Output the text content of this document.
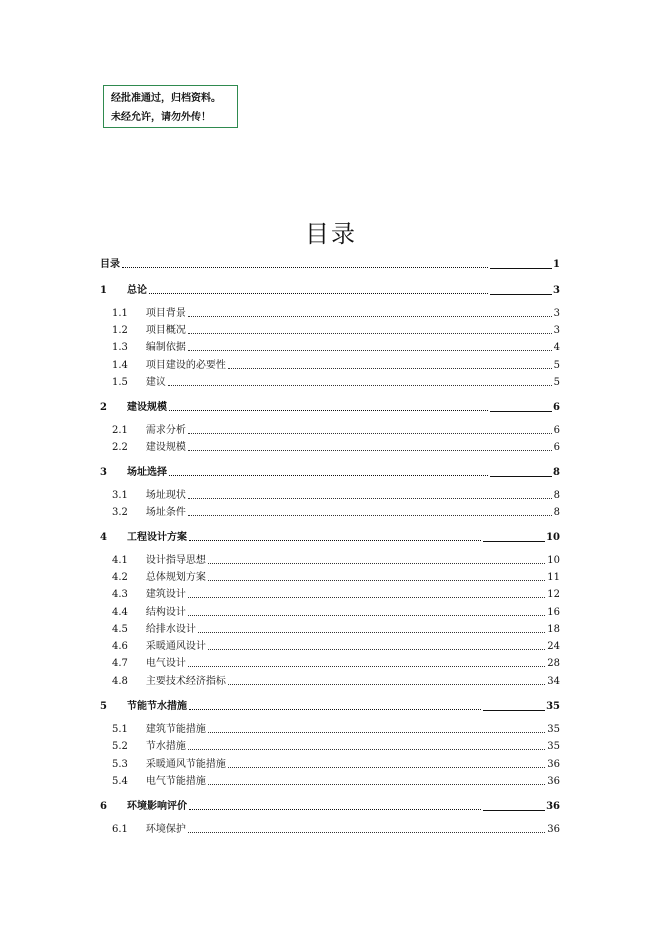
经批准通过，归档资料。
未经允许，请勿外传！
目录
目录	1
1 总论	3
1.1 项目背景	3
1.2 项目概况	3
1.3 编制依据	4
1.4 项目建设的必要性	5
1.5 建议	5
2 建设规模	6
2.1 需求分析	6
2.2 建设规模	6
3 场址选择	8
3.1 场址现状	8
3.2 场址条件	8
4 工程设计方案	10
4.1 设计指导思想	10
4.2 总体规划方案	11
4.3 建筑设计	12
4.4 结构设计	16
4.5 给排水设计	18
4.6 采暖通风设计	24
4.7 电气设计	28
4.8 主要技术经济指标	34
5 节能节水措施	35
5.1 建筑节能措施	35
5.2 节水措施	35
5.3 采暖通风节能措施	36
5.4 电气节能措施	36
6 环境影响评价	36
6.1 环境保护	36
